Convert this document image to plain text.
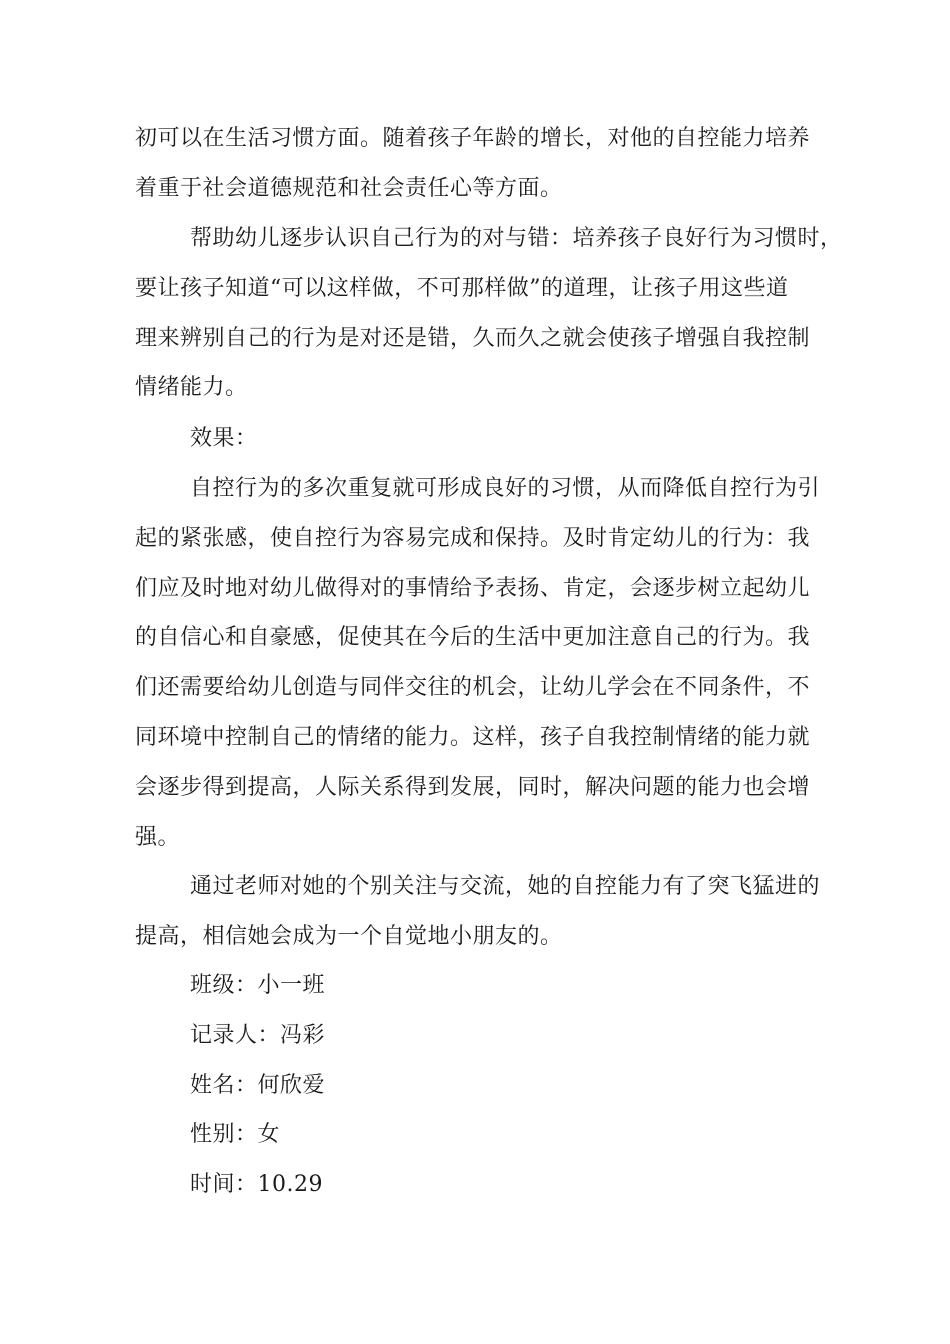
初可以在生活习惯方面。随着孩子年龄的增长，对他的自控能力培养
着重于社会道德规范和社会责任心等方面。
帮助幼儿逐步认识自己行为的对与错：培养孩子良好行为习惯时，
要让孩子知道“可以这样做，不可那样做”的道理，让孩子用这些道
理来辨别自己的行为是对还是错，久而久之就会使孩子增强自我控制
情绪能力。
效果：
自控行为的多次重复就可形成良好的习惯，从而降低自控行为引
起的紧张感，使自控行为容易完成和保持。及时肯定幼儿的行为：我
们应及时地对幼儿做得对的事情给予表扬、肯定，会逐步树立起幼儿
的自信心和自豪感，促使其在今后的生活中更加注意自己的行为。我
们还需要给幼儿创造与同伴交往的机会，让幼儿学会在不同条件，不
同环境中控制自己的情绪的能力。这样，孩子自我控制情绪的能力就
会逐步得到提高，人际关系得到发展，同时，解决问题的能力也会增
强。
通过老师对她的个别关注与交流，她的自控能力有了突飞猛进的
提高，相信她会成为一个自觉地小朋友的。
班级：小一班
记录人：冯彩
姓名：何欣爱
性别：女
时间：10.29
